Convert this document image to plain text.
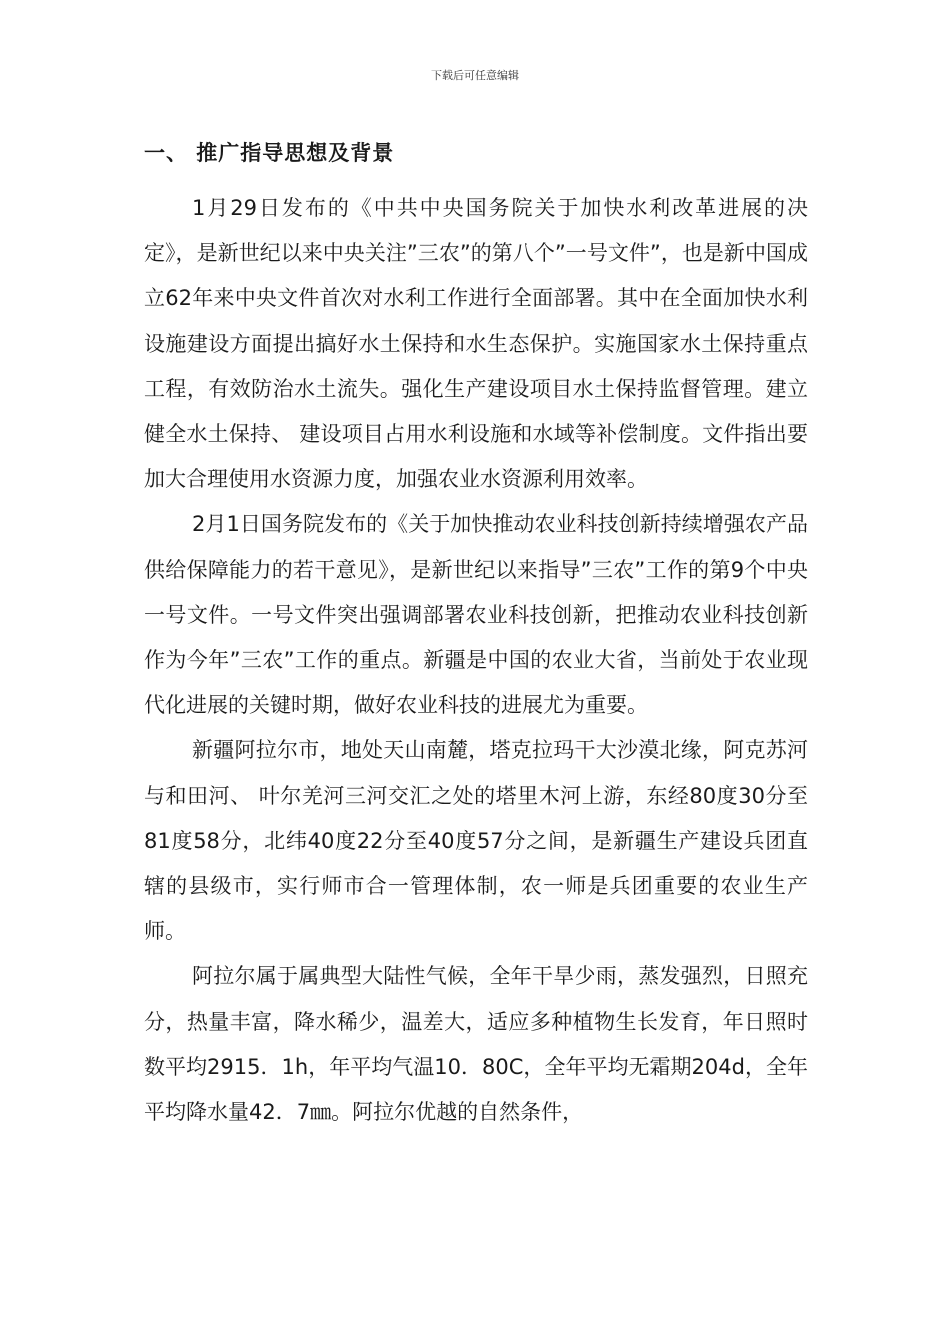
下载后可任意编辑
一、 推广指导思想及背景

1月29日发布的《中共中央国务院关于加快水利改革进展的决定》，是新世纪以来中央关注”三农”的第八个”一号文件”，也是新中国成立62年来中央文件首次对水利工作进行全面部署。其中在全面加快水利设施建设方面提出搞好水土保持和水生态保护。实施国家水土保持重点工程，有效防治水土流失。强化生产建设项目水土保持监督管理。建立健全水土保持、 建设项目占用水利设施和水域等补偿制度。文件指出要加大合理使用水资源力度，加强农业水资源利用效率。

2月1日国务院发布的《关于加快推动农业科技创新持续增强农产品供给保障能力的若干意见》，是新世纪以来指导”三农”工作的第9个中央一号文件。一号文件突出强调部署农业科技创新，把推动农业科技创新作为今年”三农”工作的重点。新疆是中国的农业大省，当前处于农业现代化进展的关键时期，做好农业科技的进展尤为重要。

新疆阿拉尔市，地处天山南麓，塔克拉玛干大沙漠北缘，阿克苏河与和田河、 叶尔羌河三河交汇之处的塔里木河上游，东经80度30分至81度58分，北纬40度22分至40度57分之间，是新疆生产建设兵团直辖的县级市，实行师市合一管理体制，农一师是兵团重要的农业生产师。

阿拉尔属于属典型大陆性气候，全年干旱少雨，蒸发强烈，日照充分，热量丰富，降水稀少，温差大，适应多种植物生长发育，年日照时数平均2915．1h，年平均气温10．80C，全年平均无霜期204d，全年平均降水量42．7㎜。阿拉尔优越的自然条件，
